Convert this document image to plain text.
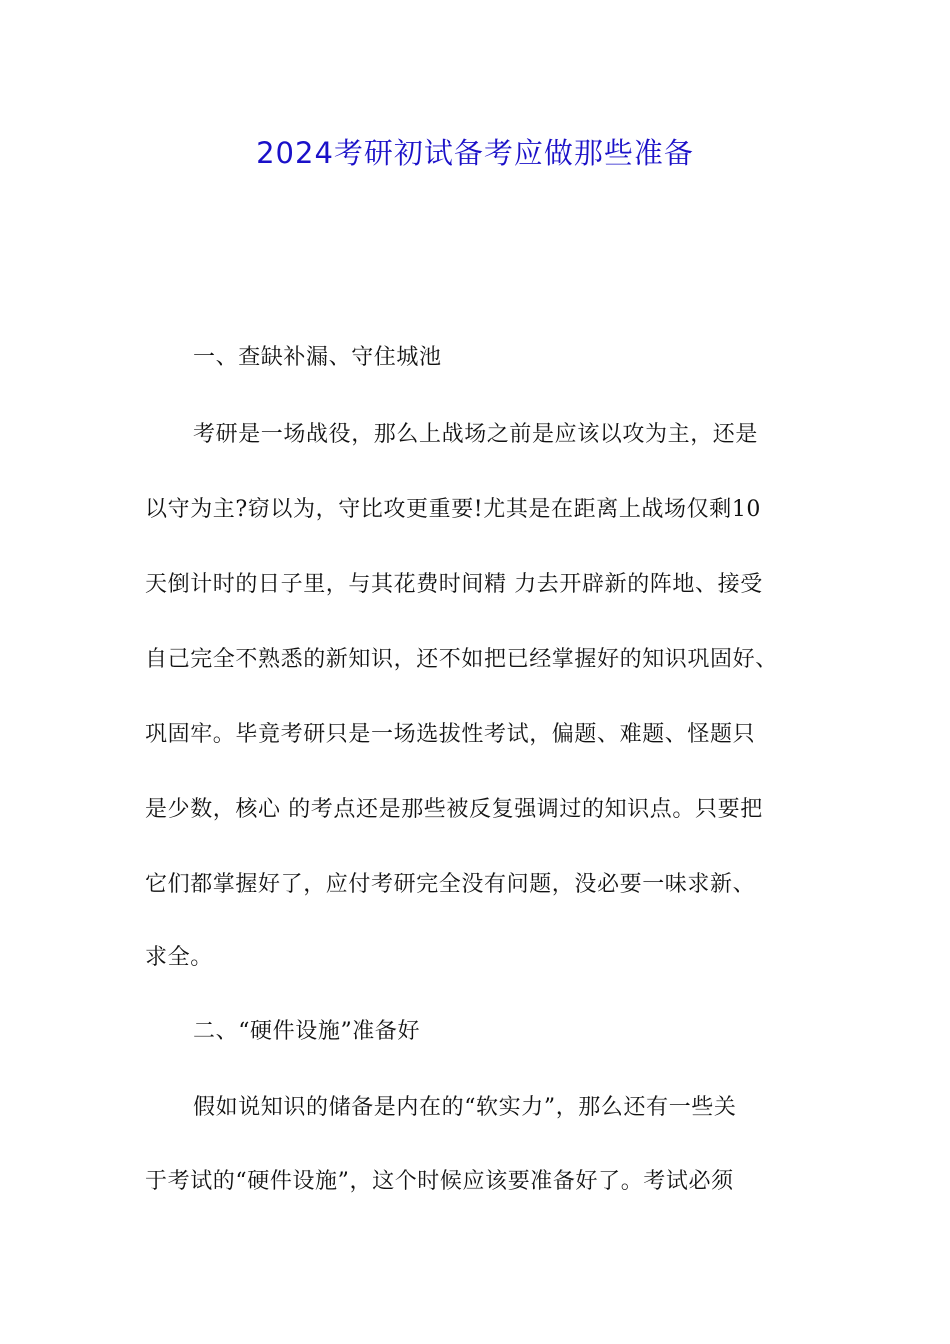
2024考研初试备考应做那些准备

一、查缺补漏、守住城池

考研是一场战役，那么上战场之前是应该以攻为主，还是

以守为主?窃以为，守比攻更重要!尤其是在距离上战场仅剩10

天倒计时的日子里，与其花费时间精 力去开辟新的阵地、接受

自己完全不熟悉的新知识，还不如把已经掌握好的知识巩固好、

巩固牢。毕竟考研只是一场选拔性考试，偏题、难题、怪题只

是少数，核心 的考点还是那些被反复强调过的知识点。只要把

它们都掌握好了，应付考研完全没有问题，没必要一味求新、

求全。

二、“硬件设施”准备好

假如说知识的储备是内在的“软实力”，那么还有一些关

于考试的“硬件设施”，这个时候应该要准备好了。考试必须
